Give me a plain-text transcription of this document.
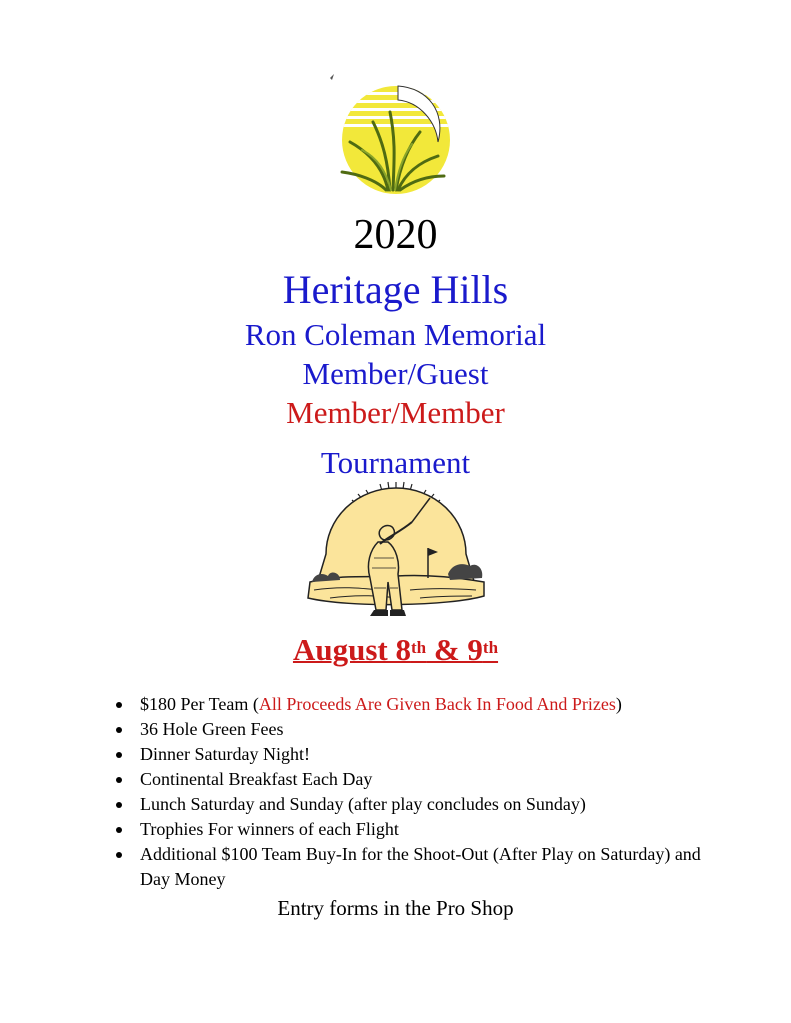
2020
Heritage Hills
Ron Coleman Memorial
Member/Guest
Member/Member
Tournament
August 8th & 9th
$180 Per Team (All Proceeds Are Given Back In Food And Prizes)
36 Hole Green Fees
Dinner Saturday Night!
Continental Breakfast Each Day
Lunch Saturday and Sunday (after play concludes on Sunday)
Trophies For winners of each Flight
Additional $100 Team Buy-In for the Shoot-Out (After Play on Saturday) and Day Money
Entry forms in the Pro Shop
